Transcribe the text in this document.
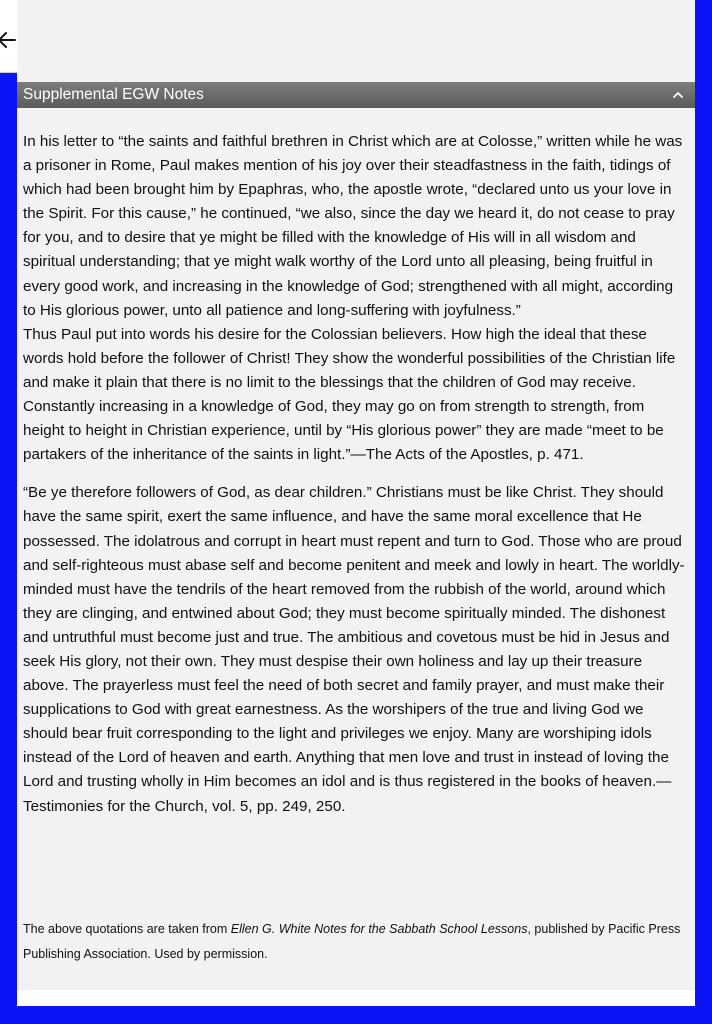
Supplemental EGW Notes

In his letter to “the saints and faithful brethren in Christ which are at Colosse,” written while he was a prisoner in Rome, Paul makes mention of his joy over their steadfastness in the faith, tidings of which had been brought him by Epaphras, who, the apostle wrote, “declared unto us your love in the Spirit. For this cause,” he continued, “we also, since the day we heard it, do not cease to pray for you, and to desire that ye might be filled with the knowledge of His will in all wisdom and spiritual understanding; that ye might walk worthy of the Lord unto all pleasing, being fruitful in every good work, and increasing in the knowledge of God; strengthened with all might, according to His glorious power, unto all patience and long-suffering with joyfulness.”

Thus Paul put into words his desire for the Colossian believers. How high the ideal that these words hold before the follower of Christ! They show the wonderful possibilities of the Christian life and make it plain that there is no limit to the blessings that the children of God may receive. Constantly increasing in a knowledge of God, they may go on from strength to strength, from height to height in Christian experience, until by “His glorious power” they are made “meet to be partakers of the inheritance of the saints in light.”—The Acts of the Apostles, p. 471.

“Be ye therefore followers of God, as dear children.” Christians must be like Christ. They should have the same spirit, exert the same influence, and have the same moral excellence that He possessed. The idolatrous and corrupt in heart must repent and turn to God. Those who are proud and self-righteous must abase self and become penitent and meek and lowly in heart. The worldly-minded must have the tendrils of the heart removed from the rubbish of the world, around which they are clinging, and entwined about God; they must become spiritually minded. The dishonest and untruthful must become just and true. The ambitious and covetous must be hid in Jesus and seek His glory, not their own. They must despise their own holiness and lay up their treasure above. The prayerless must feel the need of both secret and family prayer, and must make their supplications to God with great earnestness. As the worshipers of the true and living God we should bear fruit corresponding to the light and privileges we enjoy. Many are worshiping idols instead of the Lord of heaven and earth. Anything that men love and trust in instead of loving the Lord and trusting wholly in Him becomes an idol and is thus registered in the books of heaven.—Testimonies for the Church, vol. 5, pp. 249, 250.

The above quotations are taken from Ellen G. White Notes for the Sabbath School Lessons, published by Pacific Press Publishing Association. Used by permission.
